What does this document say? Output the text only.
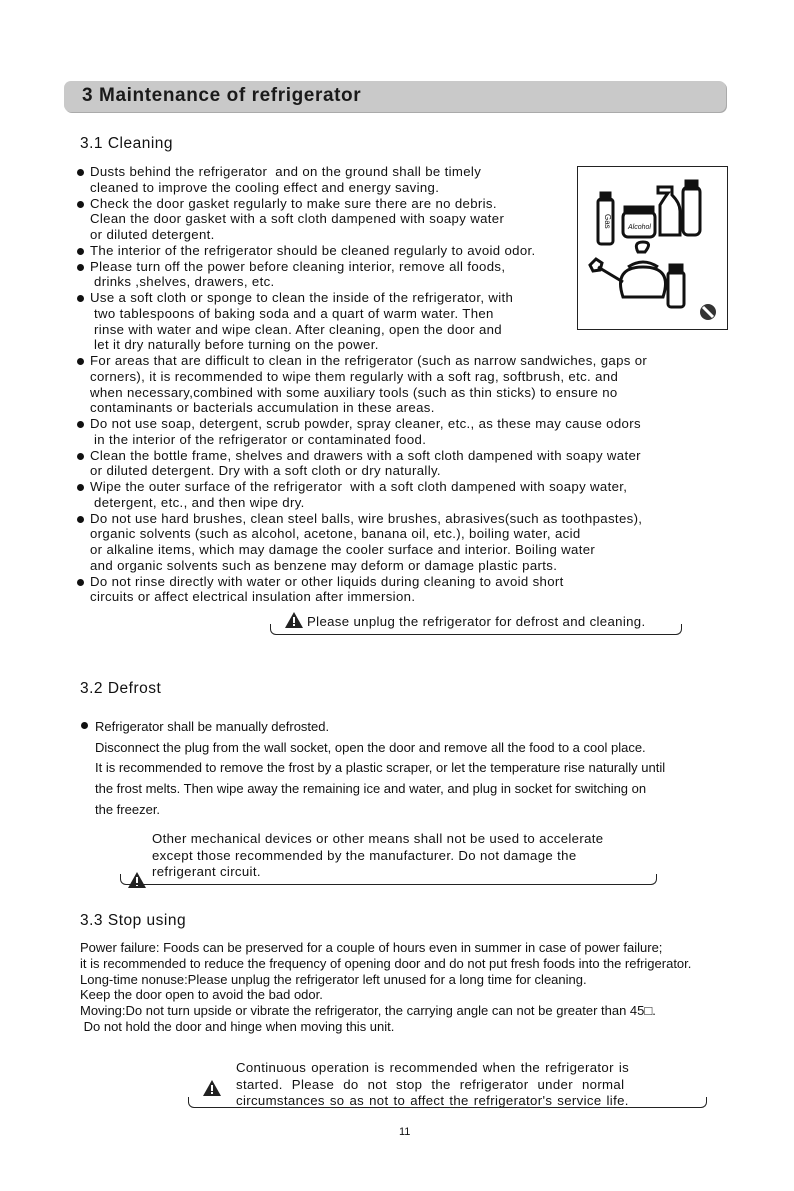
3 Maintenance of refrigerator
3.1 Cleaning
Dusts behind the refrigerator  and on the ground shall be timely
cleaned to improve the cooling effect and energy saving.
Check the door gasket regularly to make sure there are no debris.
Clean the door gasket with a soft cloth dampened with soapy water
or diluted detergent.
The interior of the refrigerator should be cleaned regularly to avoid odor.
Please turn off the power before cleaning interior, remove all foods,
drinks ,shelves, drawers, etc.
Use a soft cloth or sponge to clean the inside of the refrigerator, with
two tablespoons of baking soda and a quart of warm water. Then
rinse with water and wipe clean. After cleaning, open the door and
let it dry naturally before turning on the power.
For areas that are difficult to clean in the refrigerator (such as narrow sandwiches, gaps or
corners), it is recommended to wipe them regularly with a soft rag, softbrush, etc. and
when necessary,combined with some auxiliary tools (such as thin sticks) to ensure no
contaminants or bacterials accumulation in these areas.
Do not use soap, detergent, scrub powder, spray cleaner, etc., as these may cause odors
in the interior of the refrigerator or contaminated food.
Clean the bottle frame, shelves and drawers with a soft cloth dampened with soapy water
or diluted detergent. Dry with a soft cloth or dry naturally.
Wipe the outer surface of the refrigerator  with a soft cloth dampened with soapy water,
detergent, etc., and then wipe dry.
Do not use hard brushes, clean steel balls, wire brushes, abrasives(such as toothpastes),
organic solvents (such as alcohol, acetone, banana oil, etc.), boiling water, acid
or alkaline items, which may damage the cooler surface and interior. Boiling water
and organic solvents such as benzene may deform or damage plastic parts.
Do not rinse directly with water or other liquids during cleaning to avoid short
circuits or affect electrical insulation after immersion.
Alcohol
Gas
Please unplug the refrigerator for defrost and cleaning.
3.2 Defrost
Refrigerator shall be manually defrosted.
Disconnect the plug from the wall socket, open the door and remove all the food to a cool place.
It is recommended to remove the frost by a plastic scraper, or let the temperature rise naturally until
the frost melts. Then wipe away the remaining ice and water, and plug in socket for switching on
the freezer.
Other mechanical devices or other means shall not be used to accelerate
except those recommended by the manufacturer. Do not damage the
refrigerant circuit.
3.3 Stop using
Power failure: Foods can be preserved for a couple of hours even in summer in case of power failure;
it is recommended to reduce the frequency of opening door and do not put fresh foods into the refrigerator.
Long-time nonuse:Please unplug the refrigerator left unused for a long time for cleaning.
Keep the door open to avoid the bad odor.
Moving:Do not turn upside or vibrate the refrigerator, the carrying angle can not be greater than 45□.
Do not hold the door and hinge when moving this unit.
Continuous operation is recommended when the refrigerator is
started. Please do not stop the refrigerator under normal
circumstances so as not to affect the refrigerator's service life.
11
